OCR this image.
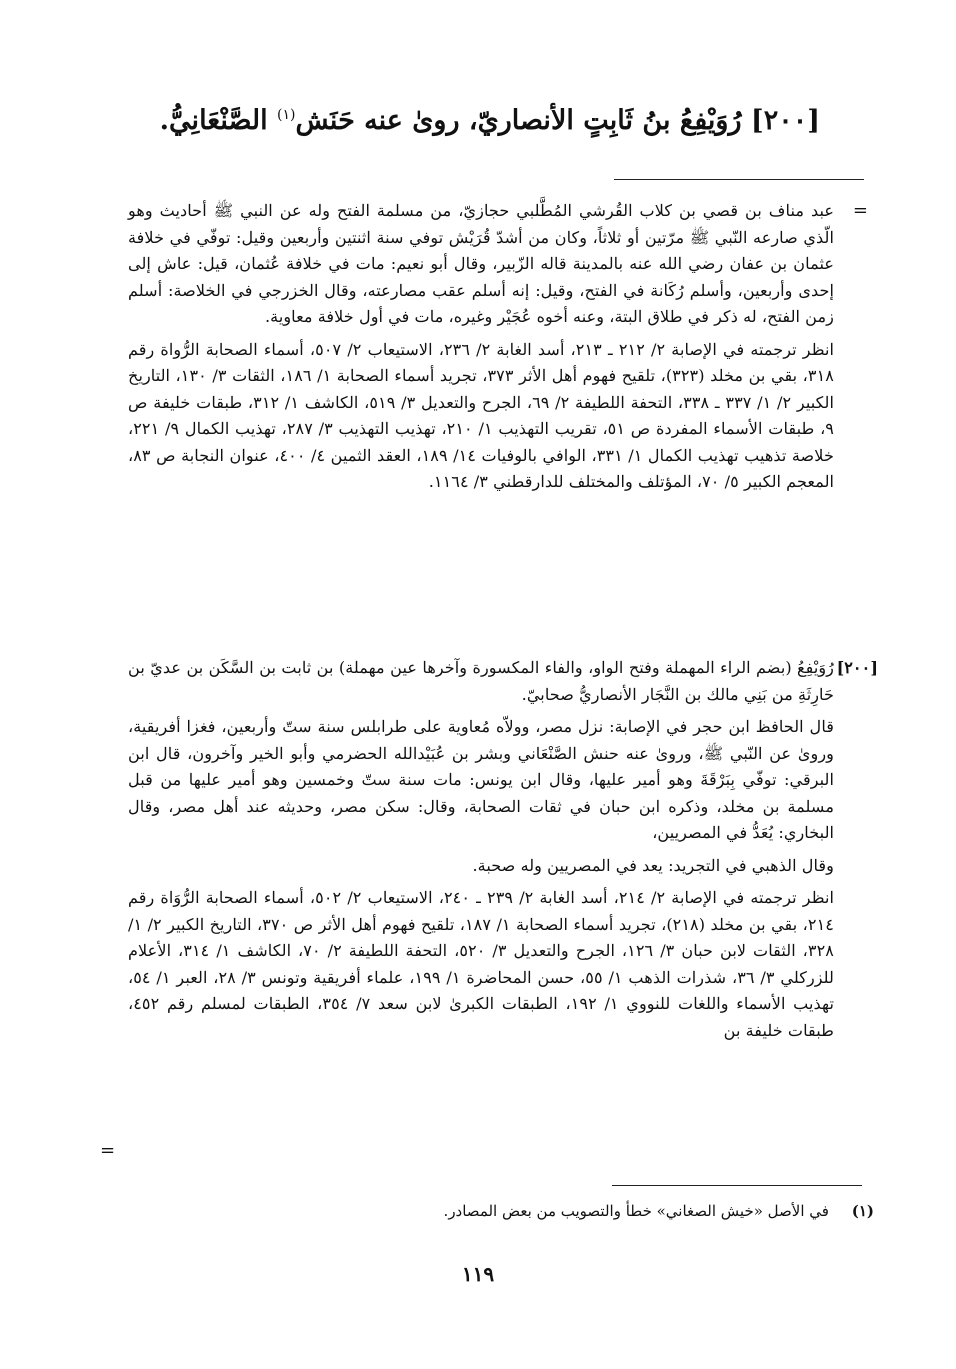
[٢٠٠] رُوَيْفِعُ بنُ ثَابِتٍ الأنصاريّ، روىٰ عنه حَنَش$^{(١)}$ الصَّنْعَانِيُّ.
=

عبد مناف بن قصي بن كلاب القُرشي المُطَّلبي حجازيّ، من مسلمة الفتح وله عن النبي ﷺ أحاديث وهو الّذي صارعه النّبي ﷺ مرّتين أو ثلاثاً، وكان من أشدّ قُرَيْش توفي سنة اثنتين وأربعين وقيل: توفّي في خلافة عثمان بن عفان رضي الله عنه بالمدينة قاله الزّبير، وقال أبو نعيم: مات في خلافة عُثمان، قيل: عاش إلى إحدى وأربعين، وأسلم رُكَانة في الفتح، وقيل: إنه أسلم عقب مصارعته، وقال الخزرجي في الخلاصة: أسلم زمن الفتح، له ذكر في طلاق البتة، وعنه أخوه عُجَيْر وغيره، مات في أول خلافة معاوية.

انظر ترجمته في الإصابة ٢/ ٢١٢ ـ ٢١٣، أسد الغابة ٢/ ٢٣٦، الاستيعاب ٢/ ٥٠٧، أسماء الصحابة الرُّواة رقم ٣١٨، بقي بن مخلد (٣٢٣)، تلقيح فهوم أهل الأثر ٣٧٣، تجريد أسماء الصحابة ١/ ١٨٦، الثقات ٣/ ١٣٠، التاريخ الكبير ٢/ ١/ ٣٣٧ ـ ٣٣٨، التحفة اللطيفة ٢/ ٦٩، الجرح والتعديل ٣/ ٥١٩، الكاشف ١/ ٣١٢، طبقات خليفة ص ٩، طبقات الأسماء المفردة ص ٥١، تقريب التهذيب ١/ ٢١٠، تهذيب التهذيب ٣/ ٢٨٧، تهذيب الكمال ٩/ ٢٢١، خلاصة تذهيب تهذيب الكمال ١/ ٣٣١، الوافي بالوفيات ١٤/ ١٨٩، العقد الثمين ٤/ ٤٠٠، عنوان النجابة ص ٨٣، المعجم الكبير ٥/ ٧٠، المؤتلف والمختلف للدارقطني ٣/ ١١٦٤.

[٢٠٠]

رُوَيْفِعُ (بضم الراء المهملة وفتح الواو، والفاء المكسورة وآخرها عين مهملة) بن ثابت بن السَّكَن بن عديّ بن حَارِثَةِ من بَنِي مالك بن النَّجَار الأنصاريُّ صحابيّ.

قال الحافظ ابن حجر في الإصابة: نزل مصر، وولاّه مُعاوية على طرابلس سنة ستّ وأربعين، فغزا أفريقية، وروىٰ عن النّبي ﷺ، وروىٰ عنه حنش الصَّنْعَاني وبشر بن عُبَيْدالله الحضرمي وأبو الخير وآخرون، قال ابن البرقي: توفّي بِبَرْقَةَ وهو أمير عليها، وقال ابن يونس: مات سنة ستّ وخمسين وهو أمير عليها من قبل مسلمة بن مخلد، وذكره ابن حبان في ثقات الصحابة، وقال: سكن مصر، وحديثه عند أهل مصر، وقال البخاري: يُعَدُّ في المصريين،

وقال الذهبي في التجريد: يعد في المصريين وله صحبة.

انظر ترجمته في الإصابة ٢/ ٢١٤، أسد الغابة ٢/ ٢٣٩ ـ ٢٤٠، الاستيعاب ٢/ ٥٠٢، أسماء الصحابة الرُّوَاة رقم ٢١٤، بقي بن مخلد (٢١٨)، تجريد أسماء الصحابة ١/ ١٨٧، تلقيح فهوم أهل الأثر ص ٣٧٠، التاريخ الكبير ٢/ ١/ ٣٢٨، الثقات لابن حبان ٣/ ١٢٦، الجرح والتعديل ٣/ ٥٢٠، التحفة اللطيفة ٢/ ٧٠، الكاشف ١/ ٣١٤، الأعلام للزركلي ٣/ ٣٦، شذرات الذهب ١/ ٥٥، حسن المحاضرة ١/ ١٩٩، علماء أفريقية وتونس ٣/ ٢٨، العبر ١/ ٥٤، تهذيب الأسماء واللغات للنووي ١/ ١٩٢، الطبقات الكبرىٰ لابن سعد ٧/ ٣٥٤، الطبقات لمسلم رقم ٤٥٢، طبقات خليفة بن

=
(١) في الأصل «خيش الصغاني» خطأ والتصويب من بعض المصادر.
١١٩
